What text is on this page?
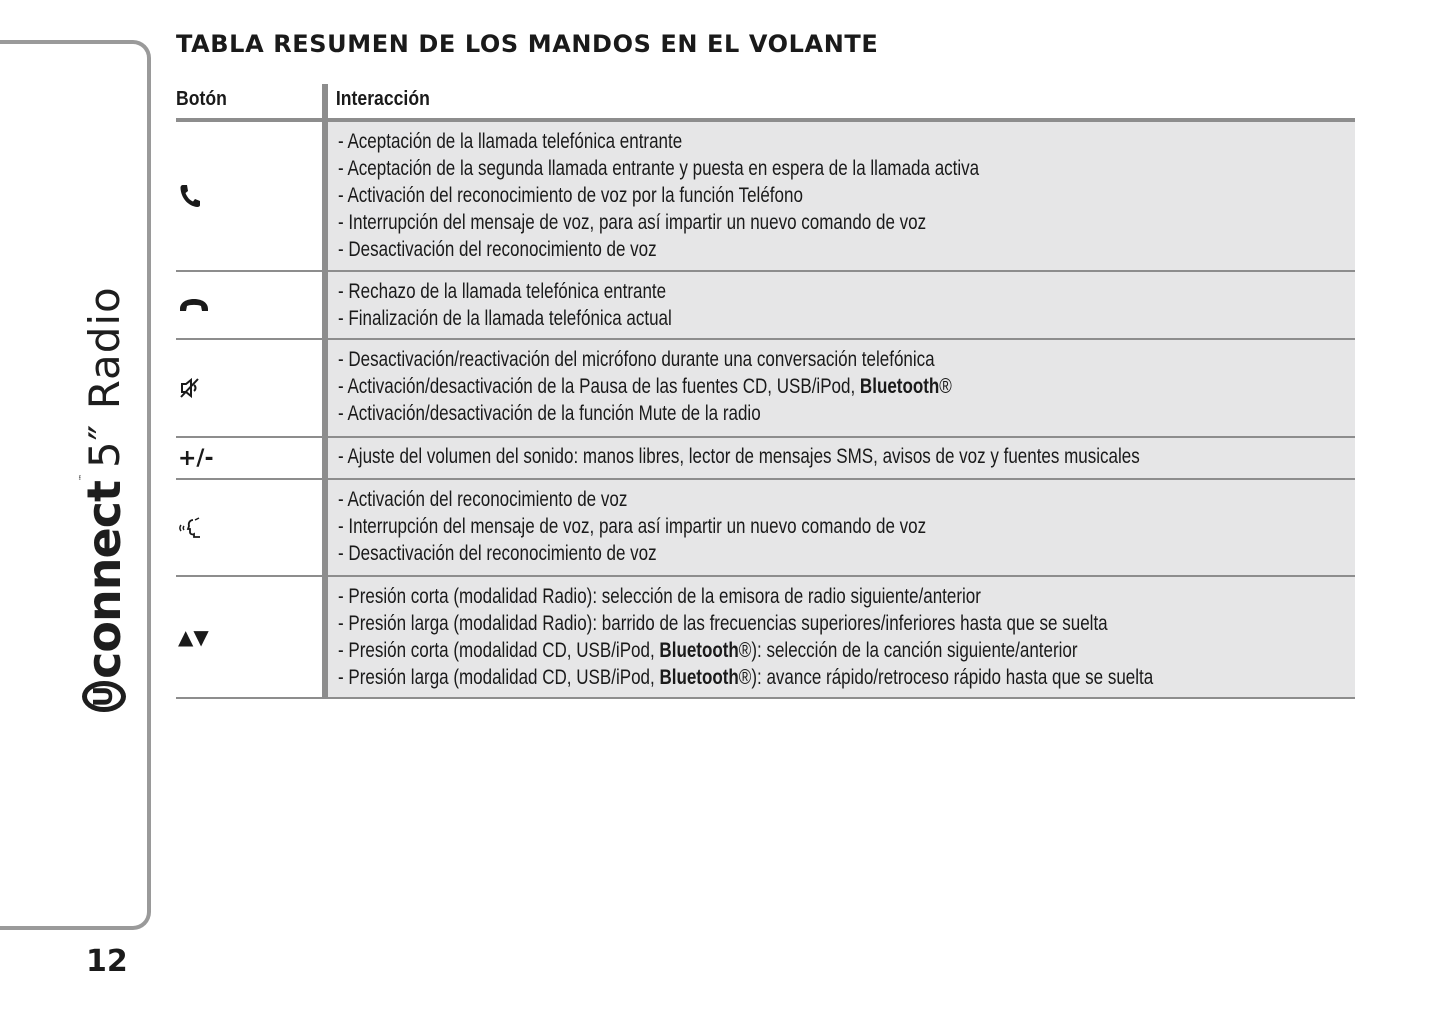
U
connect
™
5″ Radio
12
TABLA RESUMEN DE LOS MANDOS EN EL VOLANTE
Botón	Interacción
- Aceptación de la llamada telefónica entrante
- Aceptación de la segunda llamada entrante y puesta en espera de la llamada activa
- Activación del reconocimiento de voz por la función Teléfono
- Interrupción del mensaje de voz, para así impartir un nuevo comando de voz
- Desactivación del reconocimiento de voz
- Rechazo de la llamada telefónica entrante
- Finalización de la llamada telefónica actual
- Desactivación/reactivación del micrófono durante una conversación telefónica
- Activación/desactivación de la Pausa de las fuentes CD, USB/iPod, Bluetooth®
- Activación/desactivación de la función Mute de la radio
+/-	- Ajuste del volumen del sonido: manos libres, lector de mensajes SMS, avisos de voz y fuentes musicales
- Activación del reconocimiento de voz
- Interrupción del mensaje de voz, para así impartir un nuevo comando de voz
- Desactivación del reconocimiento de voz
▲▼
- Presión corta (modalidad Radio): selección de la emisora de radio siguiente/anterior
- Presión larga (modalidad Radio): barrido de las frecuencias superiores/inferiores hasta que se suelta
- Presión corta (modalidad CD, USB/iPod, Bluetooth®): selección de la canción siguiente/anterior
- Presión larga (modalidad CD, USB/iPod, Bluetooth®): avance rápido/retroceso rápido hasta que se suelta
